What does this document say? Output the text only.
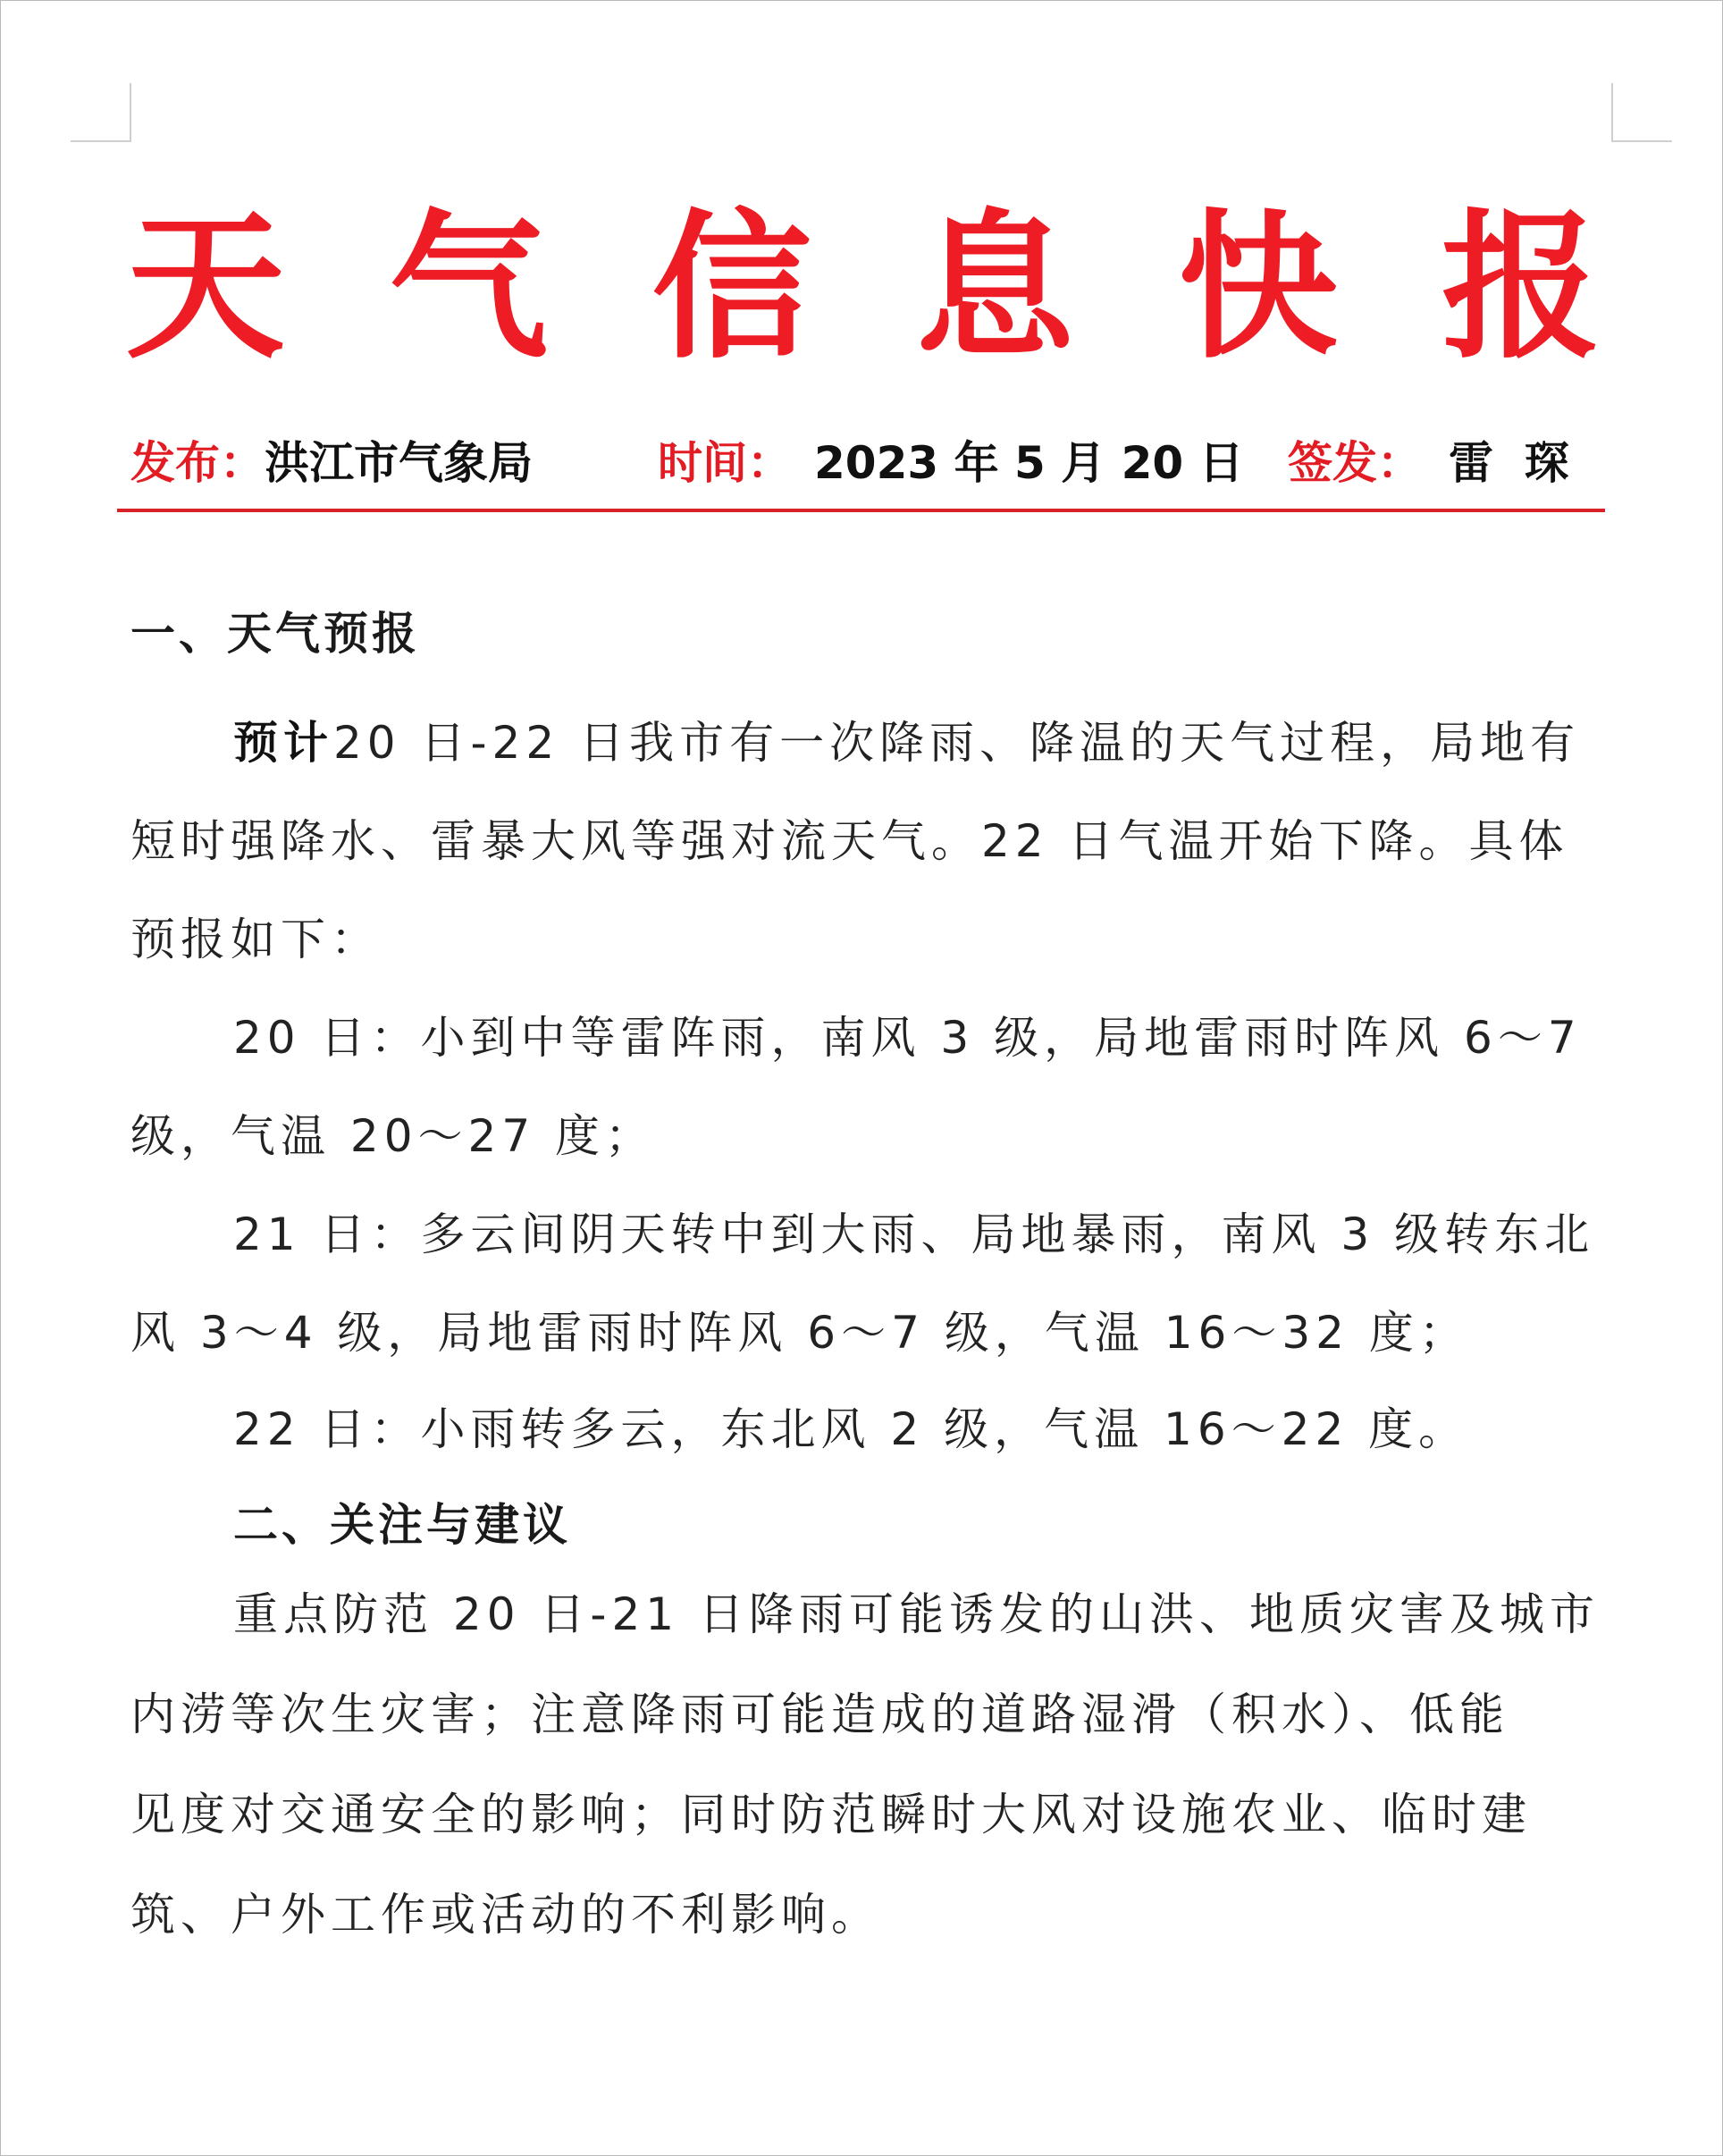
天 气 信 息 快 报
发布： 洪江市气象局	时间： 2023 年 5 月 20 日 签发： 雷  琛
一、天气预报
预计20 日-22 日我市有一次降雨、降温的天气过程，局地有
短时强降水、雷暴大风等强对流天气。22 日气温开始下降。具体
预报如下：
20 日：小到中等雷阵雨，南风 3 级，局地雷雨时阵风 6～7
级，气温 20～27 度；
21 日：多云间阴天转中到大雨、局地暴雨，南风 3 级转东北
风 3～4 级，局地雷雨时阵风 6～7 级，气温 16～32 度；
22 日：小雨转多云，东北风 2 级，气温 16～22 度。
二、关注与建议
重点防范 20 日-21 日降雨可能诱发的山洪、地质灾害及城市
内涝等次生灾害；注意降雨可能造成的道路湿滑（积水）、低能
见度对交通安全的影响；同时防范瞬时大风对设施农业、临时建
筑、户外工作或活动的不利影响。
